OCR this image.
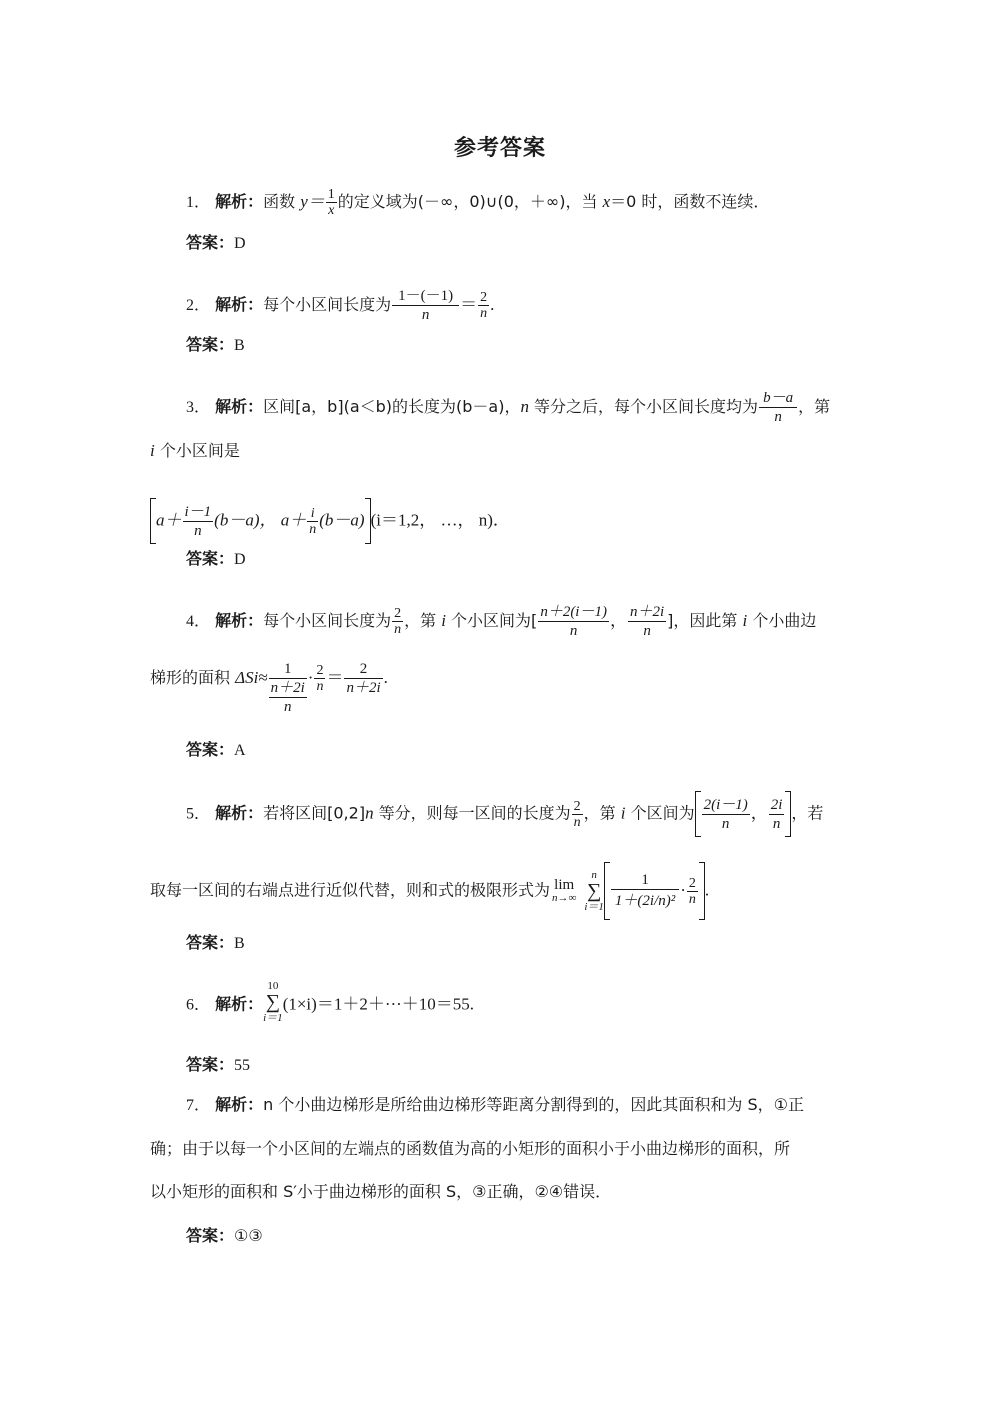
参考答案
1． 解析：函数 $y= \frac{1}{x}$ 的定义域为(－∞，0)∪(0，＋∞)，当 x＝0 时，函数不连续．
答案：D
2． 解析：每个小区间长度为 $\frac{1-(-1)}{n} = \frac{2}{n}$ .
答案：B
3． 解析：区间[a，b](a＜b)的长度为(b－a)，n 等分之后，每个小区间长度均为 $\frac{b-a}{n}$ ，第
i 个小区间是
$a+ \frac{i-1}{n} (b-a)$， $a+ \frac{i}{n} (b-a)$ (i＝1,2， …， n)．
答案：D
4． 解析：每个小区间长度为 $\frac{2}{n}$ ，第 i 个小区间为[ $\frac{n+2(i-1)}{n}$ ， $\frac{n+2i}{n}$ ]，因此第 i 个小曲边
梯形的面积 ΔSi≈	1
n＋2i
n
· $\frac{2}{n} = \frac{2}{n+2i}$ .
答案：A
5． 解析：若将区间[0,2]n 等分，则每一区间的长度为 $\frac{2}{n}$ ，第 i 个区间为 $\frac{2(i-1)}{n}$ ， $\frac{2i}{n}$ ，若
取每一区间的右端点进行近似代替，则和式的极限形式为 lim
n→∞
n
∑
$i=1 \frac{1}{\text{1＋(2i/n)²}} \cdot \frac{2}{n}$ .
答案：B
6． 解析：
10
∑
i＝1
(1×i)＝1＋2＋···＋10＝55.
答案：55
7． 解析：n 个小曲边梯形是所给曲边梯形等距离分割得到的，因此其面积和为 S，①正
确；由于以每一个小区间的左端点的函数值为高的小矩形的面积小于小曲边梯形的面积，所
以小矩形的面积和 S′小于曲边梯形的面积 S，③正确，②④错误．
答案：①③
